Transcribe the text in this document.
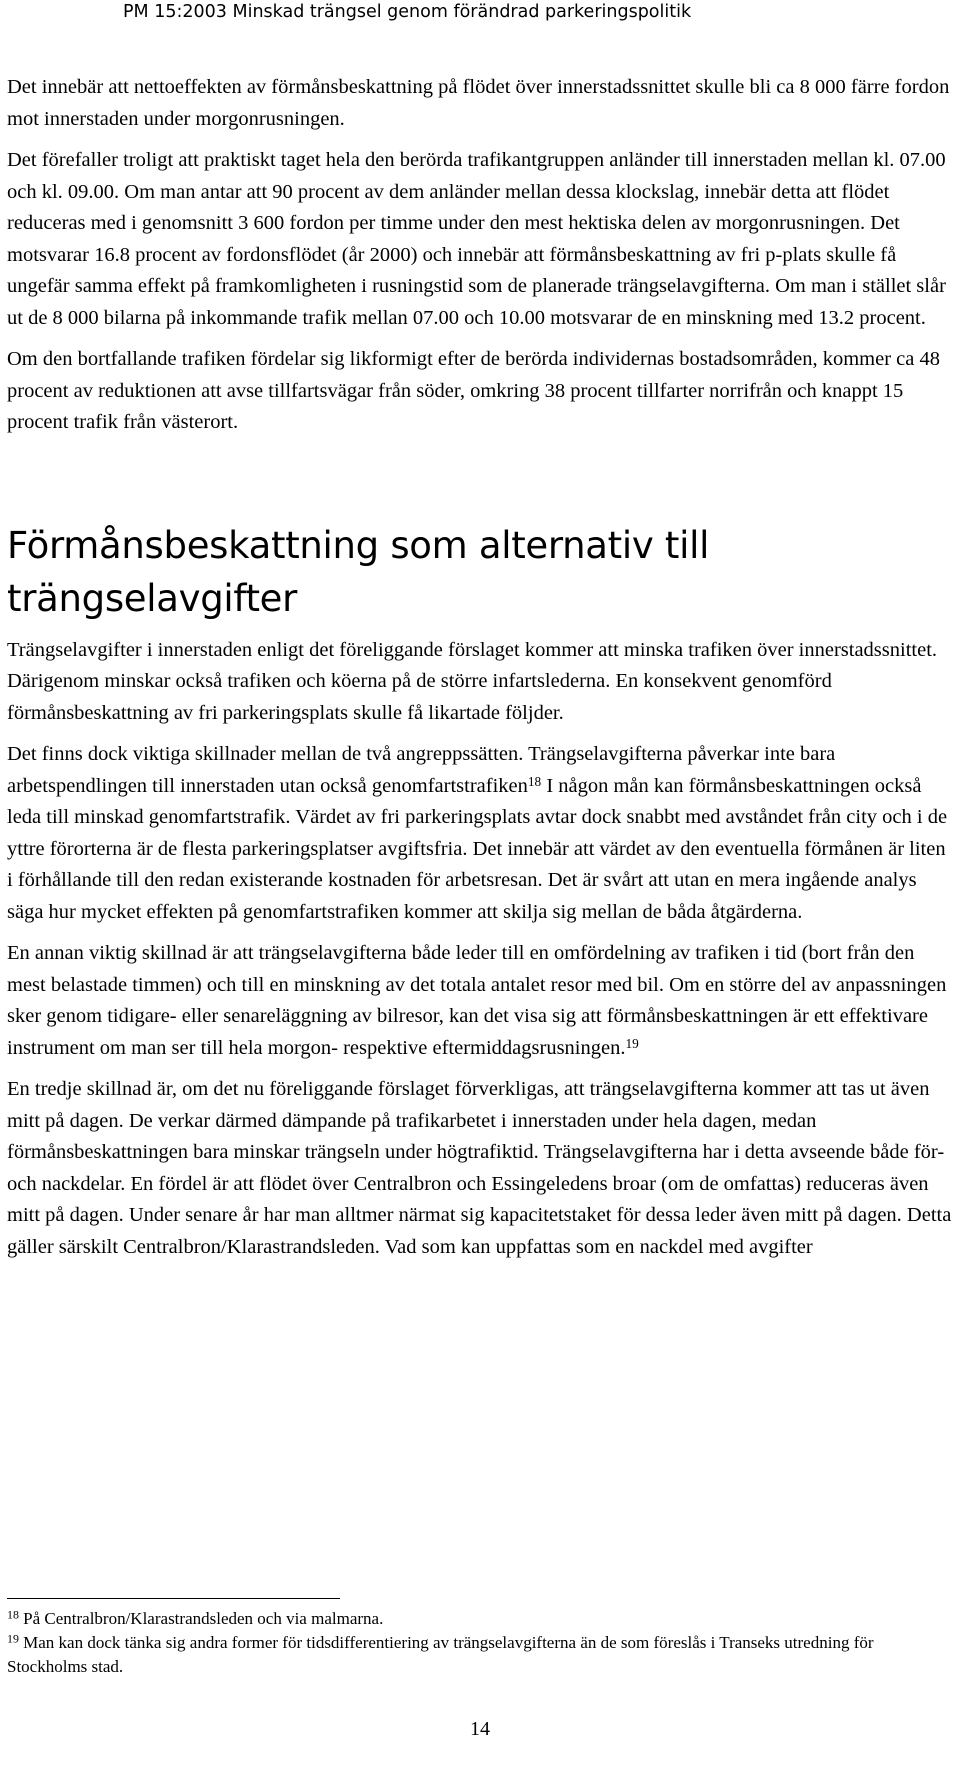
PM 15:2003 Minskad trängsel genom förändrad parkeringspolitik

Det innebär att nettoeffekten av förmånsbeskattning på flödet över innerstadssnittet skulle bli ca 8 000 färre fordon mot innerstaden under morgonrusningen.

Det förefaller troligt att praktiskt taget hela den berörda trafikantgruppen anländer till innerstaden mellan kl. 07.00 och kl. 09.00. Om man antar att 90 procent av dem anländer mellan dessa klockslag, innebär detta att flödet reduceras med i genomsnitt 3 600 fordon per timme under den mest hektiska delen av morgonrusningen. Det motsvarar 16.8 procent av fordonsflödet (år 2000) och innebär att förmånsbeskattning av fri p-plats skulle få ungefär samma effekt på framkomligheten i rusningstid som de planerade trängselavgifterna. Om man i stället slår ut de 8 000 bilarna på inkommande trafik mellan 07.00 och 10.00 motsvarar de en minskning med 13.2 procent.

Om den bortfallande trafiken fördelar sig likformigt efter de berörda individernas bostadsområden, kommer ca 48 procent av reduktionen att avse tillfartsvägar från söder, omkring 38 procent tillfarter norrifrån och knappt 15 procent trafik från västerort.

Förmånsbeskattning som alternativ till trängselavgifter

Trängselavgifter i innerstaden enligt det föreliggande förslaget kommer att minska trafiken över innerstadssnittet. Därigenom minskar också trafiken och köerna på de större infartslederna. En konsekvent genomförd förmånsbeskattning av fri parkeringsplats skulle få likartade följder.

Det finns dock viktiga skillnader mellan de två angreppssätten. Trängselavgifterna påverkar inte bara arbetspendlingen till innerstaden utan också genomfartstrafiken$^{18}$ I någon mån kan förmånsbeskattningen också leda till minskad genomfartstrafik. Värdet av fri parkeringsplats avtar dock snabbt med avståndet från city och i de yttre förorterna är de flesta parkeringsplatser avgiftsfria. Det innebär att värdet av den eventuella förmånen är liten i förhållande till den redan existerande kostnaden för arbetsresan. Det är svårt att utan en mera ingående analys säga hur mycket effekten på genomfartstrafiken kommer att skilja sig mellan de båda åtgärderna.

En annan viktig skillnad är att trängselavgifterna både leder till en omfördelning av trafiken i tid (bort från den mest belastade timmen) och till en minskning av det totala antalet resor med bil. Om en större del av anpassningen sker genom tidigare- eller senareläggning av bilresor, kan det visa sig att förmånsbeskattningen är ett effektivare instrument om man ser till hela morgon- respektive eftermiddagsrusningen.$^{19}$

En tredje skillnad är, om det nu föreliggande förslaget förverkligas, att trängselavgifterna kommer att tas ut även mitt på dagen. De verkar därmed dämpande på trafikarbetet i innerstaden under hela dagen, medan förmånsbeskattningen bara minskar trängseln under högtrafiktid. Trängselavgifterna har i detta avseende både för- och nackdelar. En fördel är att flödet över Centralbron och Essingeledens broar (om de omfattas) reduceras även mitt på dagen. Under senare år har man alltmer närmat sig kapacitetstaket för dessa leder även mitt på dagen. Detta gäller särskilt Centralbron/Klarastrandsleden. Vad som kan uppfattas som en nackdel med avgifter

$^{18}$ På Centralbron/Klarastrandsleden och via malmarna.

$^{19}$ Man kan dock tänka sig andra former för tidsdifferentiering av trängselavgifterna än de som föreslås i Transeks utredning för Stockholms stad.

14
